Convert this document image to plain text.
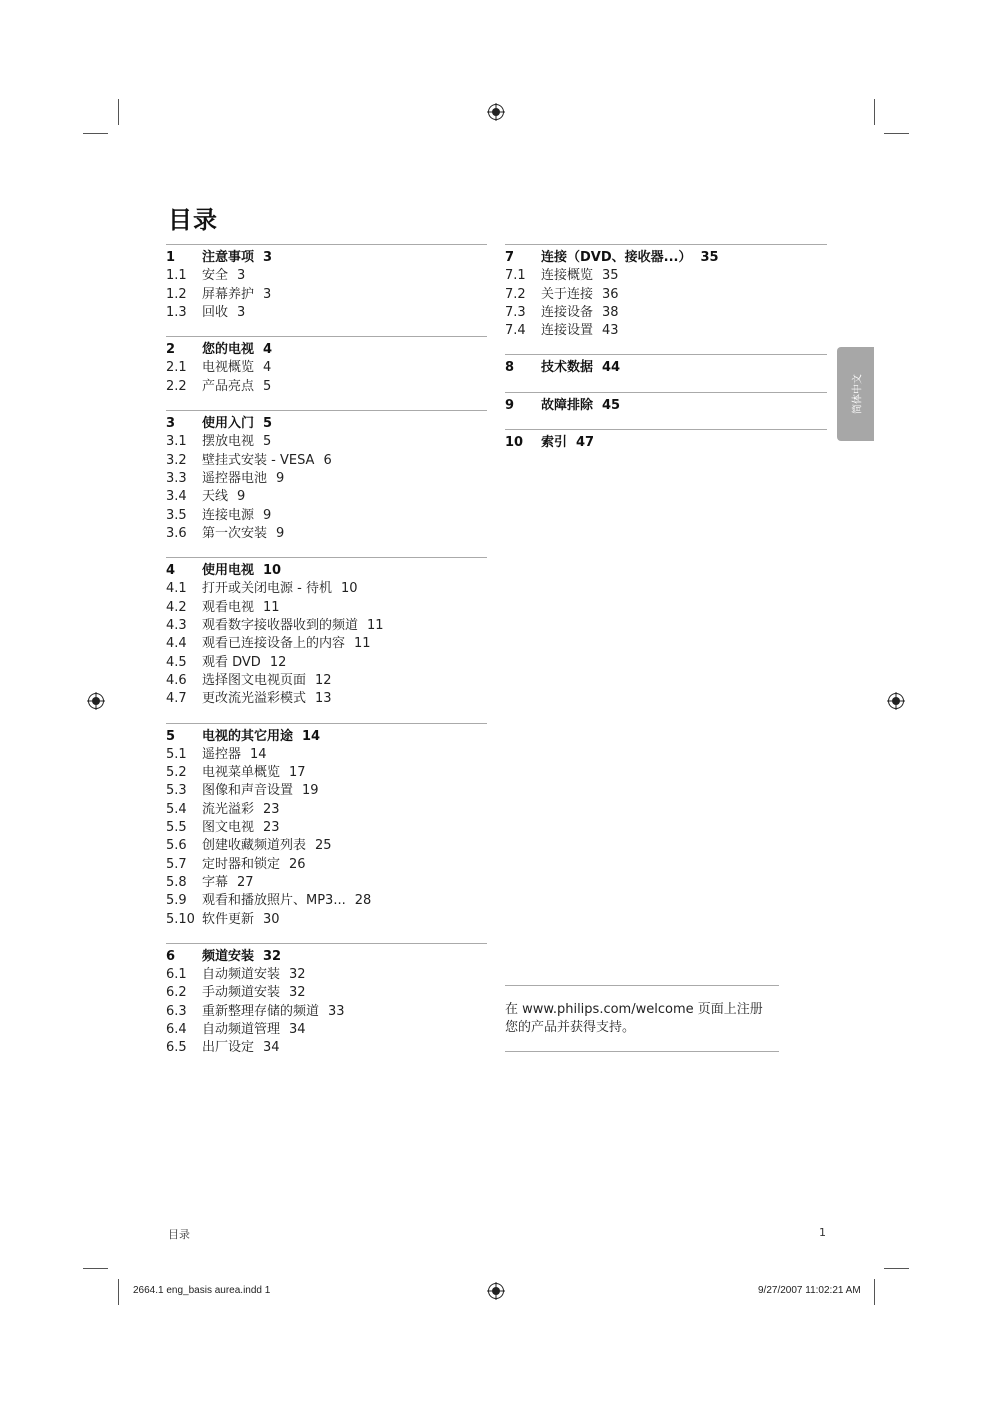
目录
1	注意事项 3
1.1	安全 3
1.2	屏幕养护 3
1.3	回收 3
2	您的电视 4
2.1	电视概览 4
2.2	产品亮点 5
3	使用入门 5
3.1	摆放电视 5
3.2	壁挂式安装 - VESA 6
3.3	遥控器电池 9
3.4	天线 9
3.5	连接电源 9
3.6	第一次安装 9
4	使用电视 10
4.1	打开或关闭电源 - 待机 10
4.2	观看电视 11
4.3	观看数字接收器收到的频道 11
4.4	观看已连接设备上的内容 11
4.5	观看 DVD 12
4.6	选择图文电视页面 12
4.7	更改流光溢彩模式 13
5	电视的其它用途 14
5.1	遥控器 14
5.2	电视菜单概览 17
5.3	图像和声音设置 19
5.4	流光溢彩 23
5.5	图文电视 23
5.6	创建收藏频道列表 25
5.7	定时器和锁定 26
5.8	字幕 27
5.9	观看和播放照片、MP3... 28
5.10 软件更新 30
6	频道安装 32
6.1	自动频道安装 32
6.2	手动频道安装 32
6.3	重新整理存储的频道 33
6.4	自动频道管理 34
6.5	出厂设定 34
7	连接（DVD、接收器...） 35
7.1	连接概览 35
7.2	关于连接 36
7.3	连接设备 38
7.4	连接设置 43
8	技术数据 44
9	故障排除 45
10	索引 47
简体中文
在 www.philips.com/welcome 页面上注册
您的产品并获得支持。
目录	1
2664.1 eng_basis aurea.indd 1	9/27/2007 11:02:21 AM
